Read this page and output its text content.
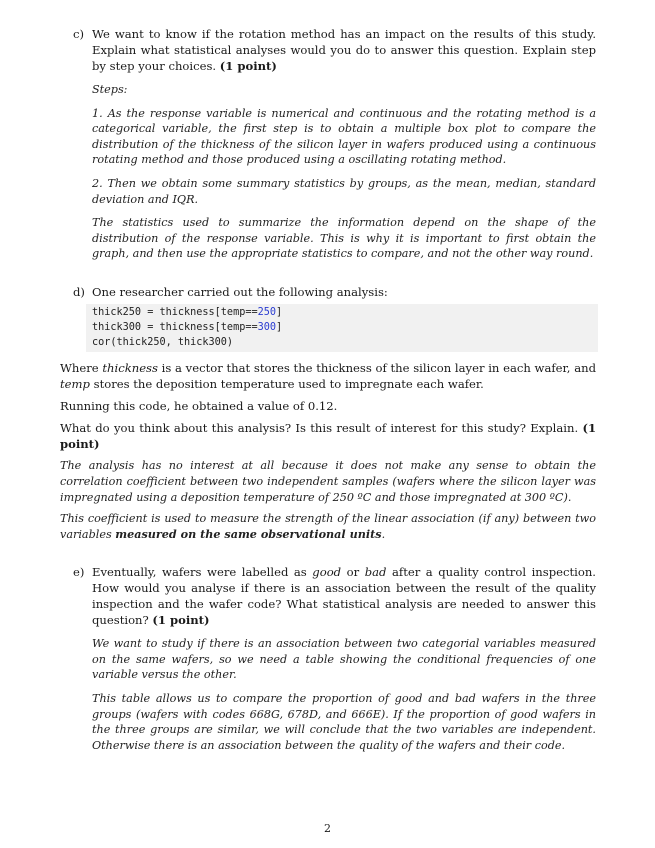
c) We want to know if the rotation method has an impact on the results of this study. Explain what statistical analyses would you do to answer this question. Explain step by step your choices. (1 point)

Steps:

1. As the response variable is numerical and continuous and the rotating method is a categorical variable, the first step is to obtain a multiple box plot to compare the distribution of the thickness of the silicon layer in wafers produced using a continuous rotating method and those produced using a oscillating rotating method.

2. Then we obtain some summary statistics by groups, as the mean, median, standard deviation and IQR.

The statistics used to summarize the information depend on the shape of the distribution of the response variable. This is why it is important to first obtain the graph, and then use the appropriate statistics to compare, and not the other way round.

d) One researcher carried out the following analysis:

thick250 = thickness[temp==250]
thick300 = thickness[temp==300]
cor(thick250, thick300)

Where thickness is a vector that stores the thickness of the silicon layer in each wafer, and temp stores the deposition temperature used to impregnate each wafer.

Running this code, he obtained a value of 0.12.

What do you think about this analysis? Is this result of interest for this study? Explain. (1 point)

The analysis has no interest at all because it does not make any sense to obtain the correlation coefficient between two independent samples (wafers where the silicon layer was impregnated using a deposition temperature of 250 ºC and those impregnated at 300 ºC).

This coefficient is used to measure the strength of the linear association (if any) between two variables measured on the same observational units.

e) Eventually, wafers were labelled as good or bad after a quality control inspection. How would you analyse if there is an association between the result of the quality inspection and the wafer code? What statistical analysis are needed to answer this question? (1 point)

We want to study if there is an association between two categorial variables measured on the same wafers, so we need a table showing the conditional frequencies of one variable versus the other.

This table allows us to compare the proportion of good and bad wafers in the three groups (wafers with codes 668G, 678D, and 666E). If the proportion of good wafers in the three groups are similar, we will conclude that the two variables are independent. Otherwise there is an association between the quality of the wafers and their code.

2
